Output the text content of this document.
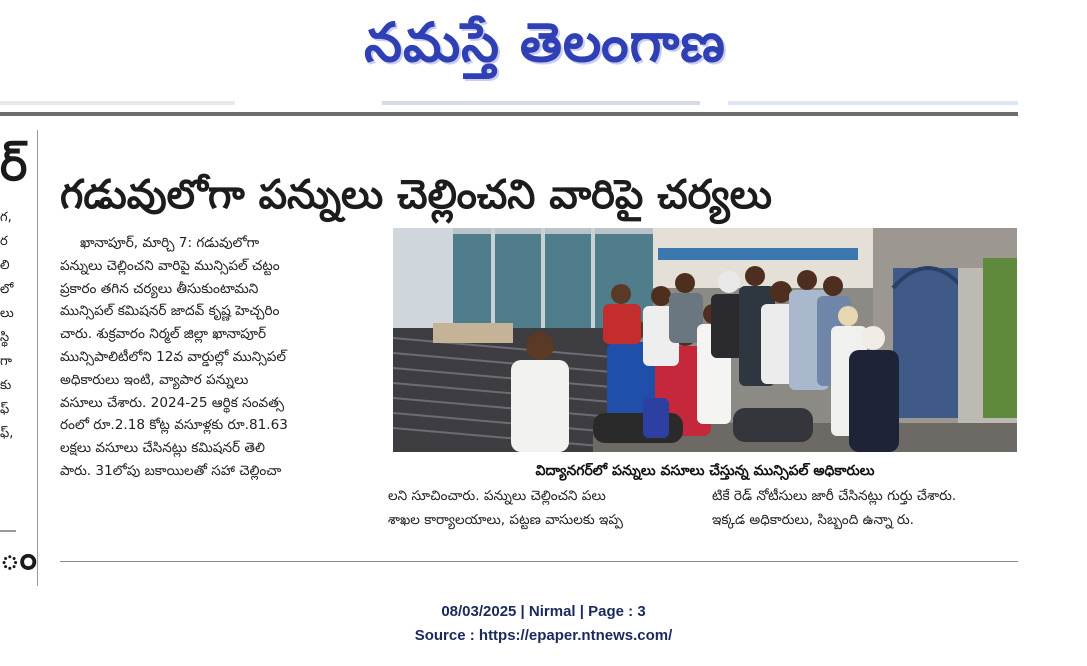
నమస్తే తెలంగాణ
ర్
గ,
ర
లి
లో
లు
స్థి
గా
కు
ఫ్
ఫ్,
ం
గడువులోగా పన్నులు చెల్లించని వారిపై చర్యలు
ఖానాపూర్, మార్చి 7: గడువులోగా
పన్నులు చెల్లించని వారిపై మున్సిపల్ చట్టం
ప్రకారం తగిన చర్యలు తీసుకుంటామని
మున్సిపల్ కమిషనర్ జాదవ్ కృష్ణ హెచ్చరిం
చారు. శుక్రవారం నిర్మల్ జిల్లా ఖానాపూర్
మున్సిపాలిటీలోని 12వ వార్డుల్లో మున్సిపల్
అధికారులు ఇంటి, వ్యాపార పన్నులు
వసూలు చేశారు. 2024-25 ఆర్థిక సంవత్స
రంలో రూ.2.18 కోట్ల వసూళ్లకు రూ.81.63
లక్షలు వసూలు చేసినట్లు కమిషనర్ తెలి
పారు. 31లోపు బకాయిలతో సహా చెల్లించా	విద్యానగర్‌లో పన్నులు వసూలు చేస్తున్న మున్సిపల్ అధికారులు
లని సూచించారు. పన్నులు చెల్లించని పలు
శాఖల కార్యాలయాలు, పట్టణ వాసులకు ఇప్ప
టికే రెడ్ నోటీసులు జారీ చేసినట్లు గుర్తు చేశారు.
ఇక్కడ అధికారులు, సిబ్బంది ఉన్నా రు.
08/03/2025 | Nirmal | Page : 3
Source : https://epaper.ntnews.com/
